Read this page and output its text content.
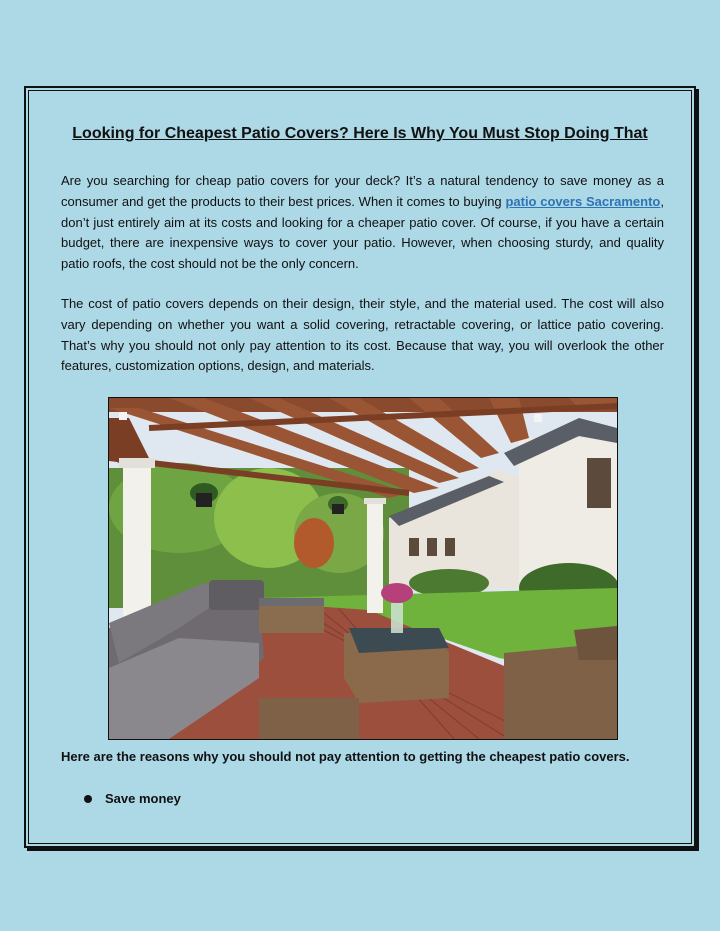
Looking for Cheapest Patio Covers? Here Is Why You Must Stop Doing That

Are you searching for cheap patio covers for your deck? It’s a natural tendency to save money as a consumer and get the products to their best prices. When it comes to buying patio covers Sacramento, don’t just entirely aim at its costs and looking for a cheaper patio cover. Of course, if you have a certain budget, there are inexpensive ways to cover your patio. However, when choosing sturdy, and quality patio roofs, the cost should not be the only concern.

The cost of patio covers depends on their design, their style, and the material used. The cost will also vary depending on whether you want a solid covering, retractable covering, or lattice patio covering. That’s why you should not only pay attention to its cost. Because that way, you will overlook the other features, customization options, design, and materials.

Here are the reasons why you should not pay attention to getting the cheapest patio covers.

Save money
